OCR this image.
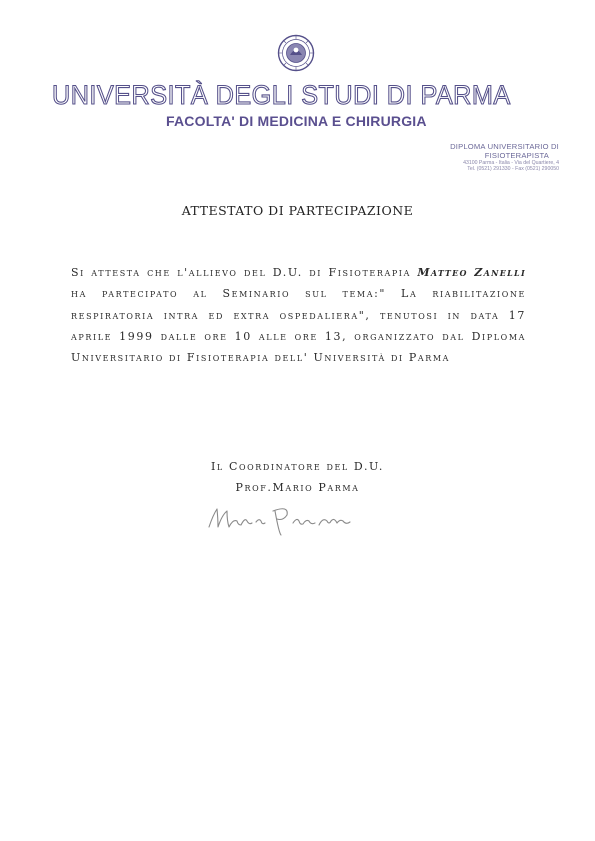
UNIVERSITÀ DEGLI STUDI DI PARMA
FACOLTA' DI MEDICINA E CHIRURGIA
DIPLOMA UNIVERSITARIO DI
FISIOTERAPISTA
43100 Parma - Italia - Via del Quartiere, 4
Tel. (0521) 291330 - Fax (0521) 290050
ATTESTATO DI PARTECIPAZIONE
Si attesta che l'allievo del D.U. di Fisioterapia Matteo Zanelli ha partecipato al Seminario sul tema:" La riabilitazione respiratoria intra ed extra ospedaliera", tenutosi in data 17 aprile 1999 dalle ore 10 alle ore 13, organizzato dal Diploma Universitario di Fisioterapia dell' Università di Parma
Il Coordinatore del D.U.
Prof.Mario Parma
